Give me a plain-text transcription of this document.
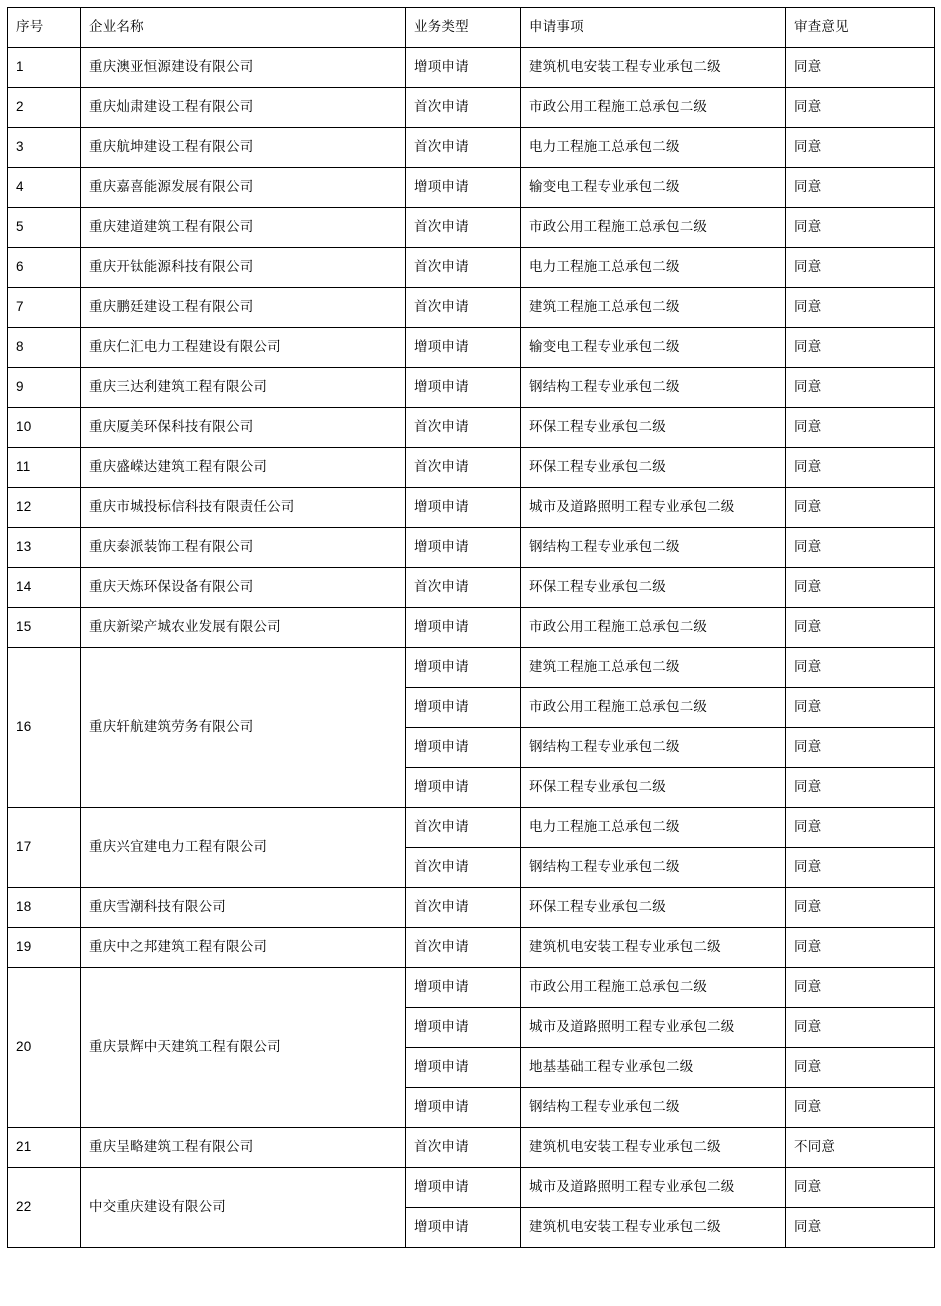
序号	企业名称	业务类型	申请事项	审查意见
1	重庆澳亚恒源建设有限公司	增项申请	建筑机电安装工程专业承包二级	同意
2	重庆灿肃建设工程有限公司	首次申请	市政公用工程施工总承包二级	同意
3	重庆航坤建设工程有限公司	首次申请	电力工程施工总承包二级	同意
4	重庆嘉喜能源发展有限公司	增项申请	输变电工程专业承包二级	同意
5	重庆建道建筑工程有限公司	首次申请	市政公用工程施工总承包二级	同意
6	重庆开钛能源科技有限公司	首次申请	电力工程施工总承包二级	同意
7	重庆鹏廷建设工程有限公司	首次申请	建筑工程施工总承包二级	同意
8	重庆仁汇电力工程建设有限公司	增项申请	输变电工程专业承包二级	同意
9	重庆三达利建筑工程有限公司	增项申请	钢结构工程专业承包二级	同意
10	重庆厦美环保科技有限公司	首次申请	环保工程专业承包二级	同意
11	重庆盛嵘达建筑工程有限公司	首次申请	环保工程专业承包二级	同意
12	重庆市城投标信科技有限责任公司	增项申请	城市及道路照明工程专业承包二级	同意
13	重庆泰派装饰工程有限公司	增项申请	钢结构工程专业承包二级	同意
14	重庆天炼环保设备有限公司	首次申请	环保工程专业承包二级	同意
15	重庆新梁产城农业发展有限公司	增项申请	市政公用工程施工总承包二级	同意
16	重庆轩航建筑劳务有限公司	增项申请	建筑工程施工总承包二级	同意
		增项申请	市政公用工程施工总承包二级	同意
		增项申请	钢结构工程专业承包二级	同意
		增项申请	环保工程专业承包二级	同意
17	重庆兴宜建电力工程有限公司	首次申请	电力工程施工总承包二级	同意
		首次申请	钢结构工程专业承包二级	同意
18	重庆雪潮科技有限公司	首次申请	环保工程专业承包二级	同意
19	重庆中之邦建筑工程有限公司	首次申请	建筑机电安装工程专业承包二级	同意
20	重庆景辉中天建筑工程有限公司	增项申请	市政公用工程施工总承包二级	同意
		增项申请	城市及道路照明工程专业承包二级	同意
		增项申请	地基基础工程专业承包二级	同意
		增项申请	钢结构工程专业承包二级	同意
21	重庆呈略建筑工程有限公司	首次申请	建筑机电安装工程专业承包二级	不同意
22	中交重庆建设有限公司	增项申请	城市及道路照明工程专业承包二级	同意
		增项申请	建筑机电安装工程专业承包二级	同意
